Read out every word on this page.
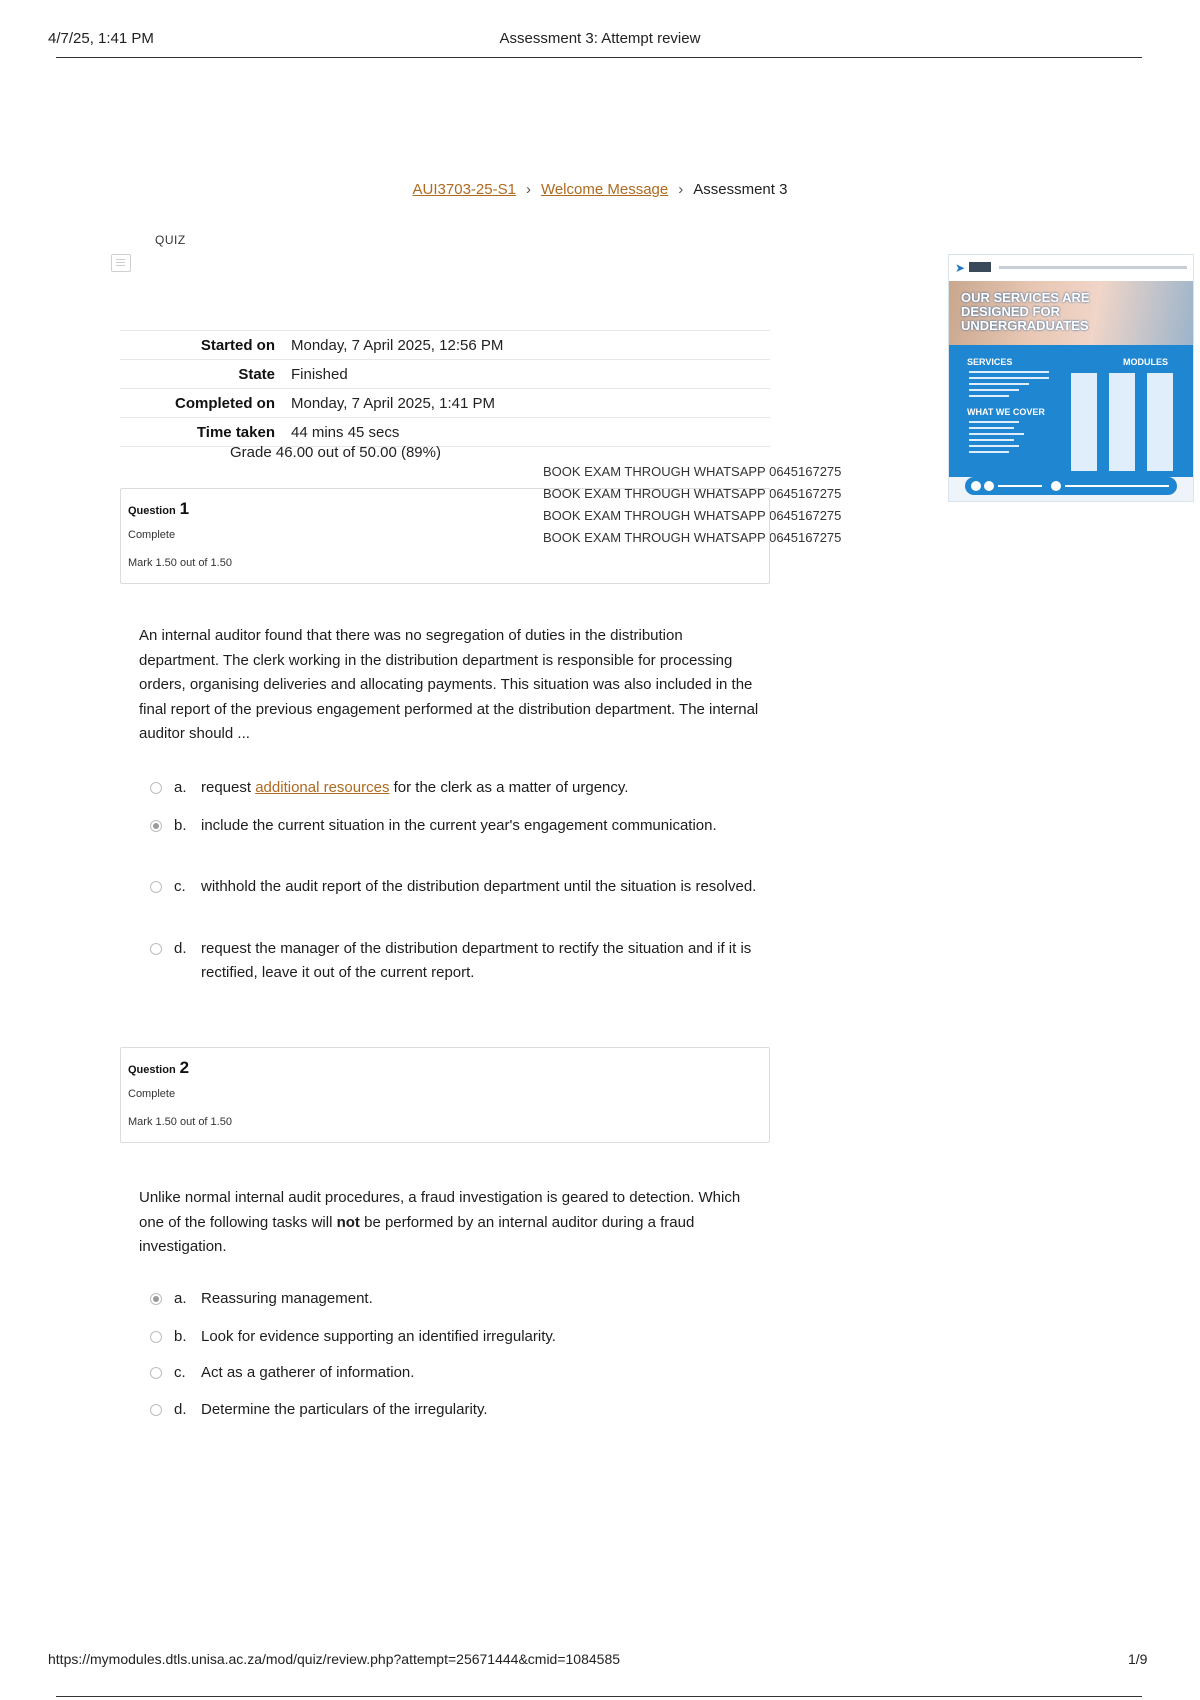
4/7/25, 1:41 PM	Assessment 3: Attempt review
AUI3703-25-S1 › Welcome Message › Assessment 3
QUIZ
Started on	Monday, 7 April 2025, 12:56 PM
State	Finished
Completed on	Monday, 7 April 2025, 1:41 PM
Time taken	44 mins 45 secs
Grade 46.00 out of 50.00 (89%)
BOOK EXAM THROUGH WHATSAPP 0645167275
BOOK EXAM THROUGH WHATSAPP 0645167275
BOOK EXAM THROUGH WHATSAPP 0645167275
BOOK EXAM THROUGH WHATSAPP 0645167275
➤
OUR SERVICES ARE DESIGNED FOR UNDERGRADUATES
SERVICES
WHAT WE COVER
MODULES
Question 1
Complete
Mark 1.50 out of 1.50
An internal auditor found that there was no segregation of duties in the distribution department. The clerk working in the distribution department is responsible for processing orders, organising deliveries and allocating payments. This situation was also included in the final report of the previous engagement performed at the distribution department. The internal auditor should ...
a. request additional resources for the clerk as a matter of urgency.
b. include the current situation in the current year's engagement communication.
c. withhold the audit report of the distribution department until the situation is resolved.
d. request the manager of the distribution department to rectify the situation and if it is rectified, leave it out of the current report.
Question 2
Complete
Mark 1.50 out of 1.50
Unlike normal internal audit procedures, a fraud investigation is geared to detection. Which one of the following tasks will not be performed by an internal auditor during a fraud investigation.
a. Reassuring management.
b. Look for evidence supporting an identified irregularity.
c. Act as a gatherer of information.
d. Determine the particulars of the irregularity.
https://mymodules.dtls.unisa.ac.za/mod/quiz/review.php?attempt=25671444&cmid=1084585	1/9
